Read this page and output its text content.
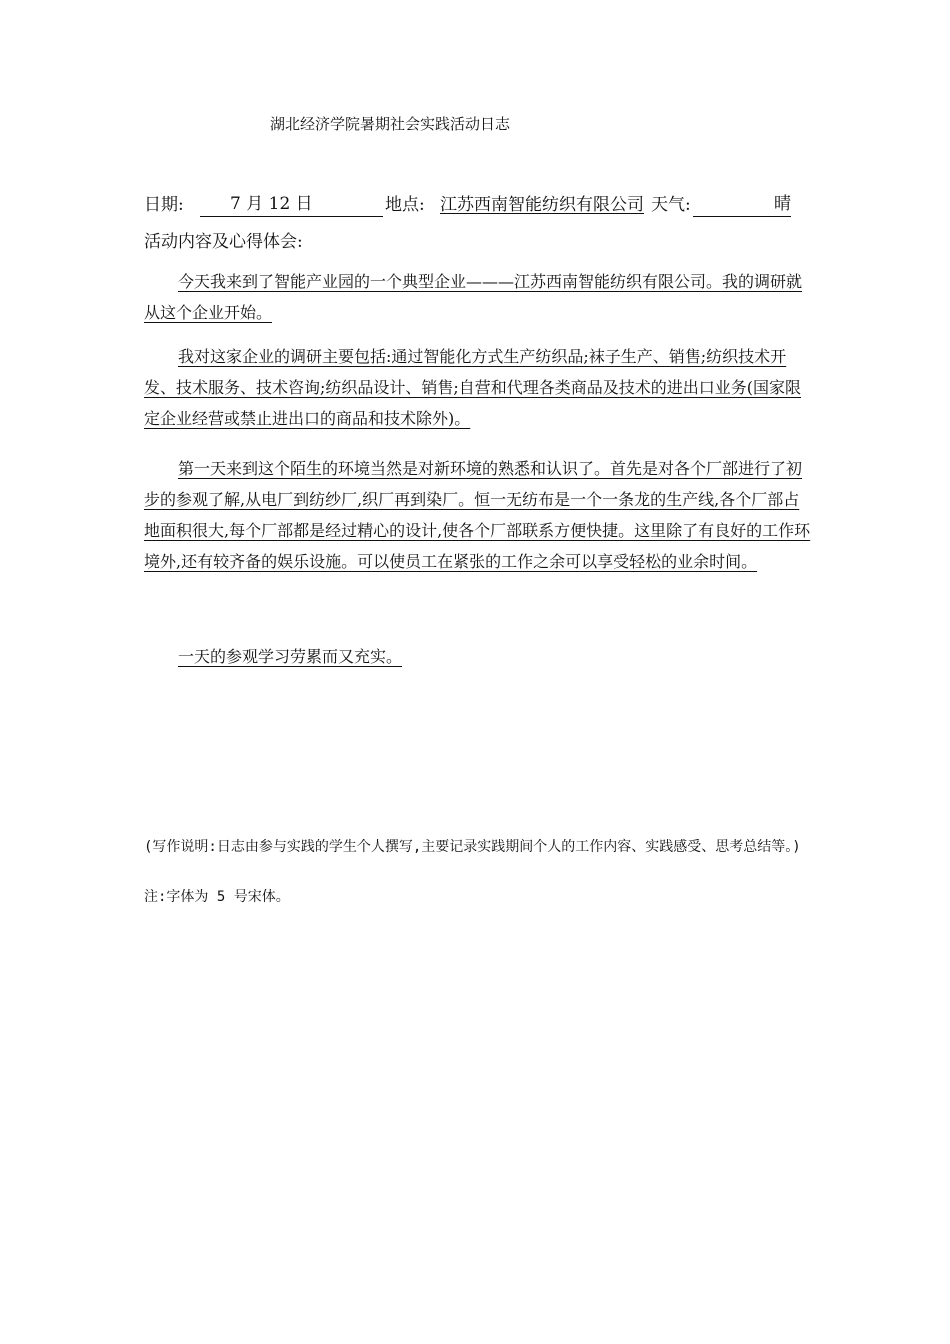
湖北经济学院暑期社会实践活动日志
日期:	7 月 12 日	地点: 江苏西南智能纺织有限公司 天气:	晴
活动内容及心得体会:

今天我来到了智能产业园的一个典型企业———江苏西南智能纺织有限公司。我的调研就从这个企业开始。

我对这家企业的调研主要包括:通过智能化方式生产纺织品;袜子生产、销售;纺织技术开发、技术服务、技术咨询;纺织品设计、销售;自营和代理各类商品及技术的进出口业务(国家限定企业经营或禁止进出口的商品和技术除外)。

第一天来到这个陌生的环境当然是对新环境的熟悉和认识了。首先是对各个厂部进行了初步的参观了解,从电厂到纺纱厂,织厂再到染厂。恒一无纺布是一个一条龙的生产线,各个厂部占地面积很大,每个厂部都是经过精心的设计,使各个厂部联系方便快捷。这里除了有良好的工作环境外,还有较齐备的娱乐设施。可以使员工在紧张的工作之余可以享受轻松的业余时间。

一天的参观学习劳累而又充实。

(写作说明:日志由参与实践的学生个人撰写,主要记录实践期间个人的工作内容、实践感受、思考总结等。)
注:字体为 5 号宋体。
